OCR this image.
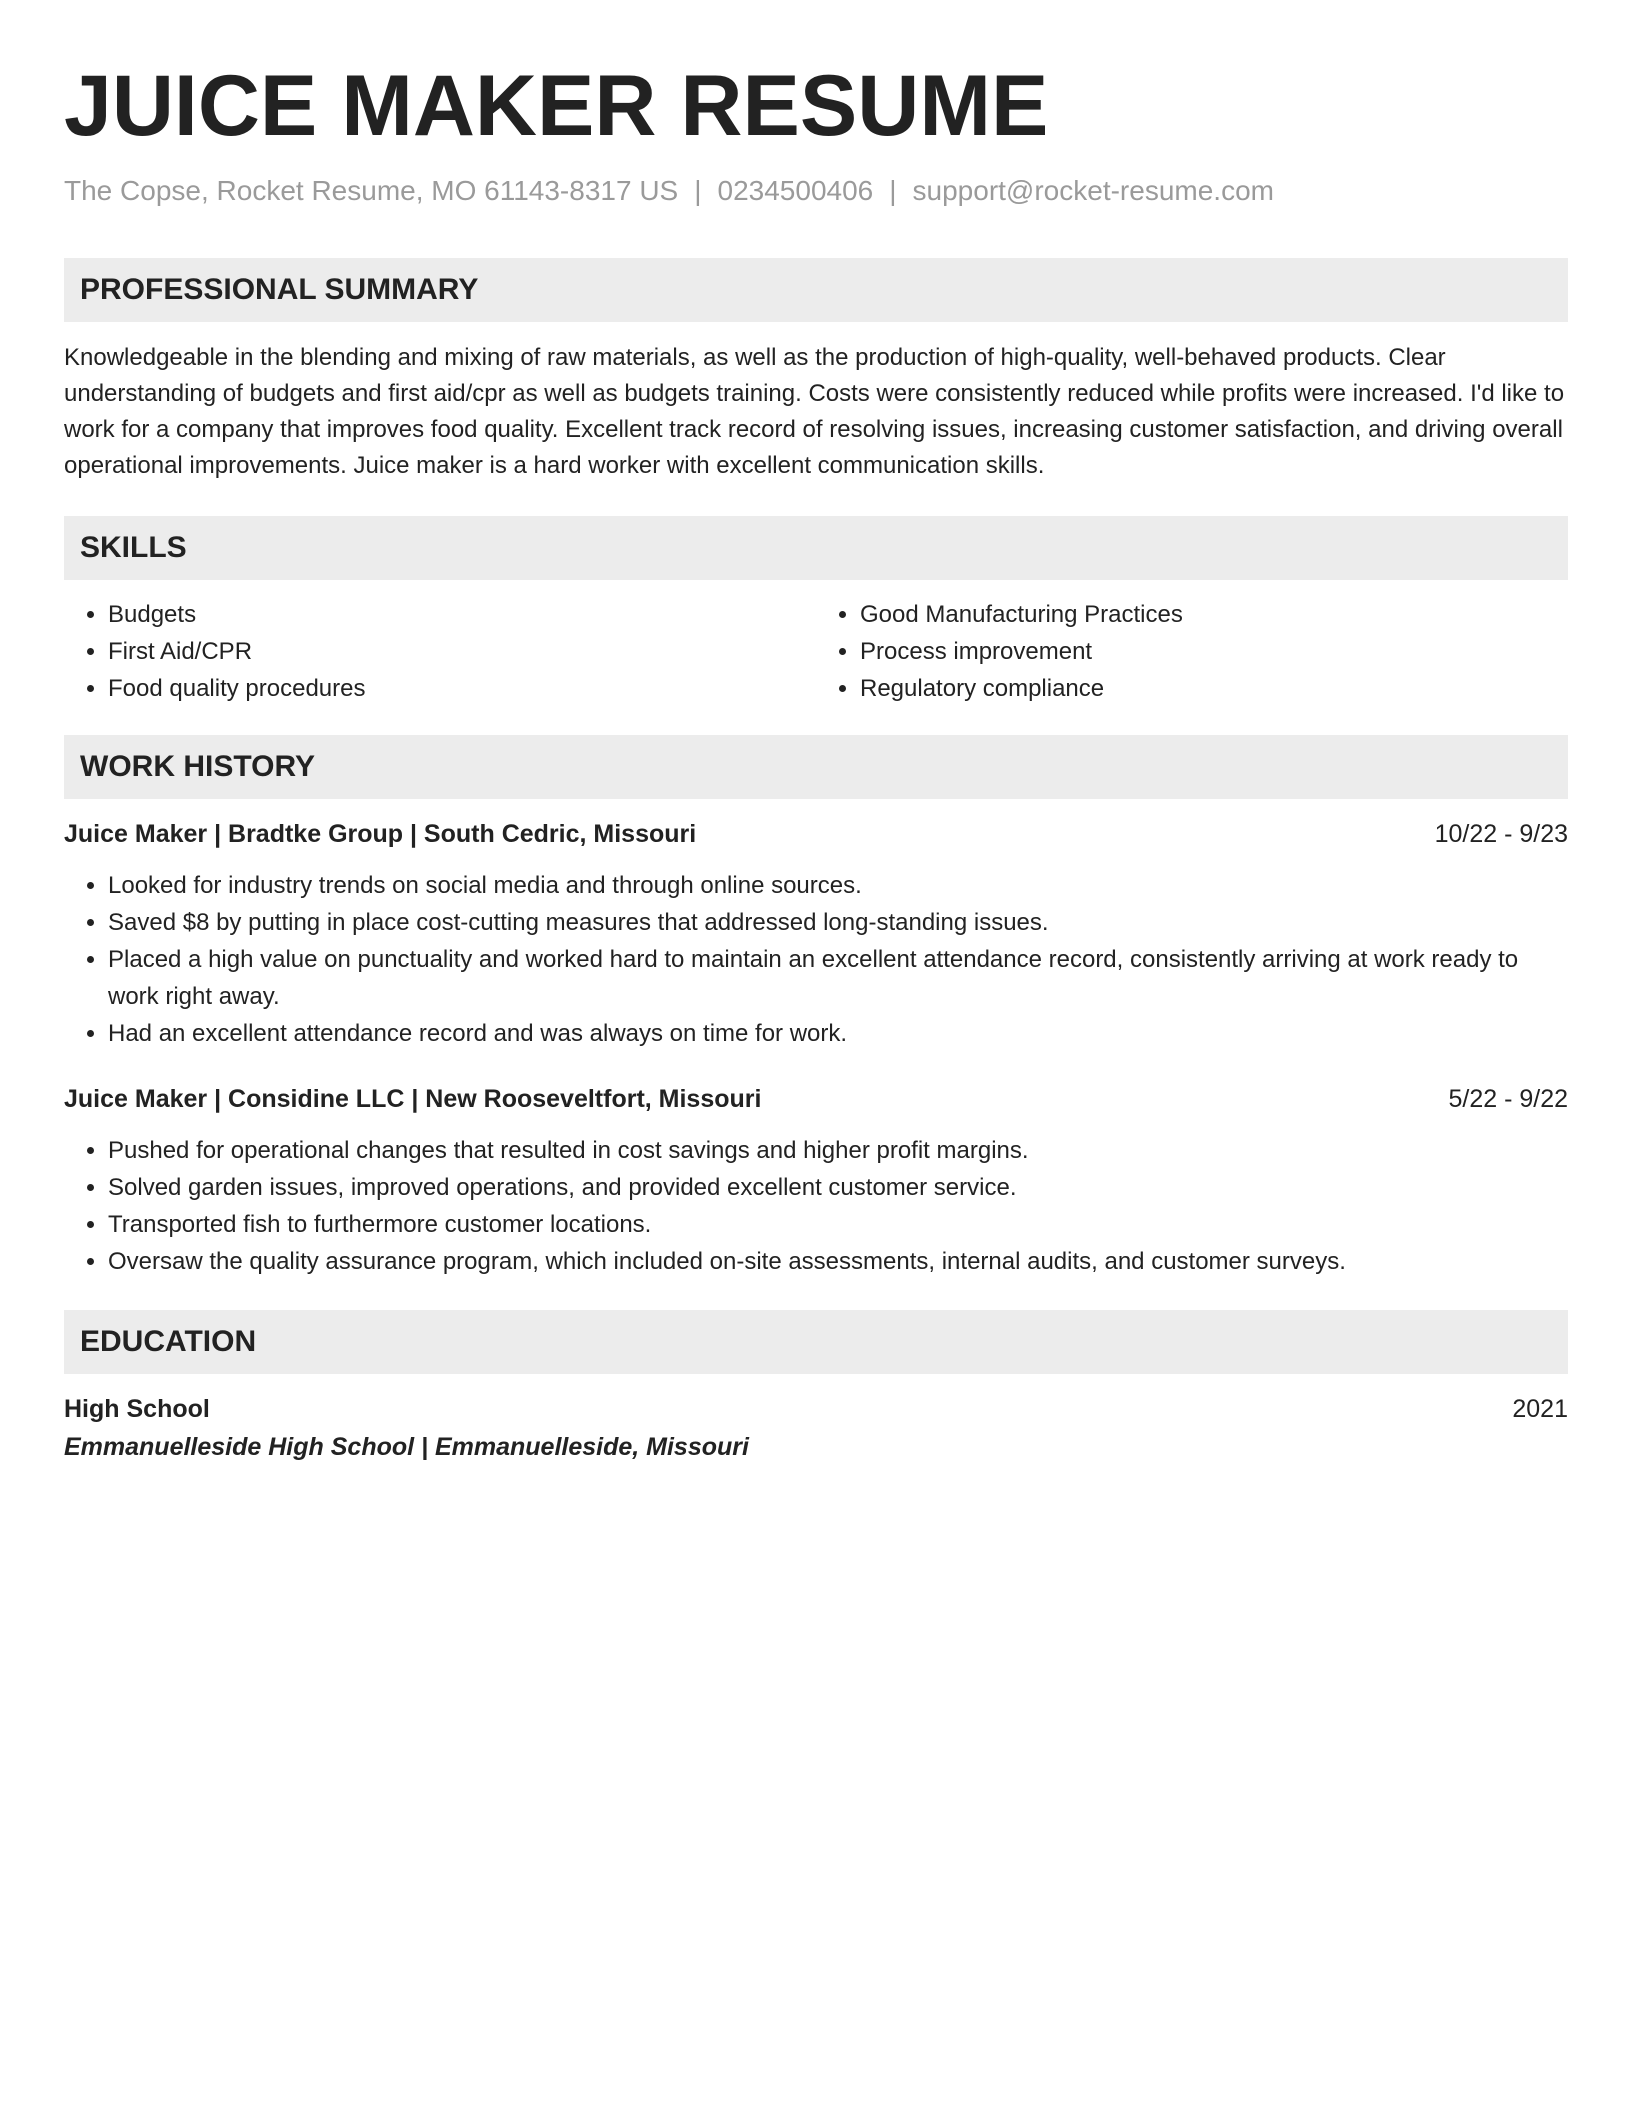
JUICE MAKER RESUME
The Copse, Rocket Resume, MO 61143-8317 US | 0234500406 | support@rocket-resume.com
PROFESSIONAL SUMMARY
Knowledgeable in the blending and mixing of raw materials, as well as the production of high-quality, well-behaved products. Clear understanding of budgets and first aid/cpr as well as budgets training. Costs were consistently reduced while profits were increased. I'd like to work for a company that improves food quality. Excellent track record of resolving issues, increasing customer satisfaction, and driving overall operational improvements. Juice maker is a hard worker with excellent communication skills.
SKILLS
• Budgets
• First Aid/CPR
• Food quality procedures
• Good Manufacturing Practices
• Process improvement
• Regulatory compliance
WORK HISTORY
Juice Maker | Bradtke Group | South Cedric, Missouri	10/22 - 9/23
• Looked for industry trends on social media and through online sources.
• Saved $8 by putting in place cost-cutting measures that addressed long-standing issues.
• Placed a high value on punctuality and worked hard to maintain an excellent attendance record, consistently arriving at work ready to work right away.
• Had an excellent attendance record and was always on time for work.
Juice Maker | Considine LLC | New Rooseveltfort, Missouri	5/22 - 9/22
• Pushed for operational changes that resulted in cost savings and higher profit margins.
• Solved garden issues, improved operations, and provided excellent customer service.
• Transported fish to furthermore customer locations.
• Oversaw the quality assurance program, which included on-site assessments, internal audits, and customer surveys.
EDUCATION
High School	2021
Emmanuelleside High School | Emmanuelleside, Missouri
